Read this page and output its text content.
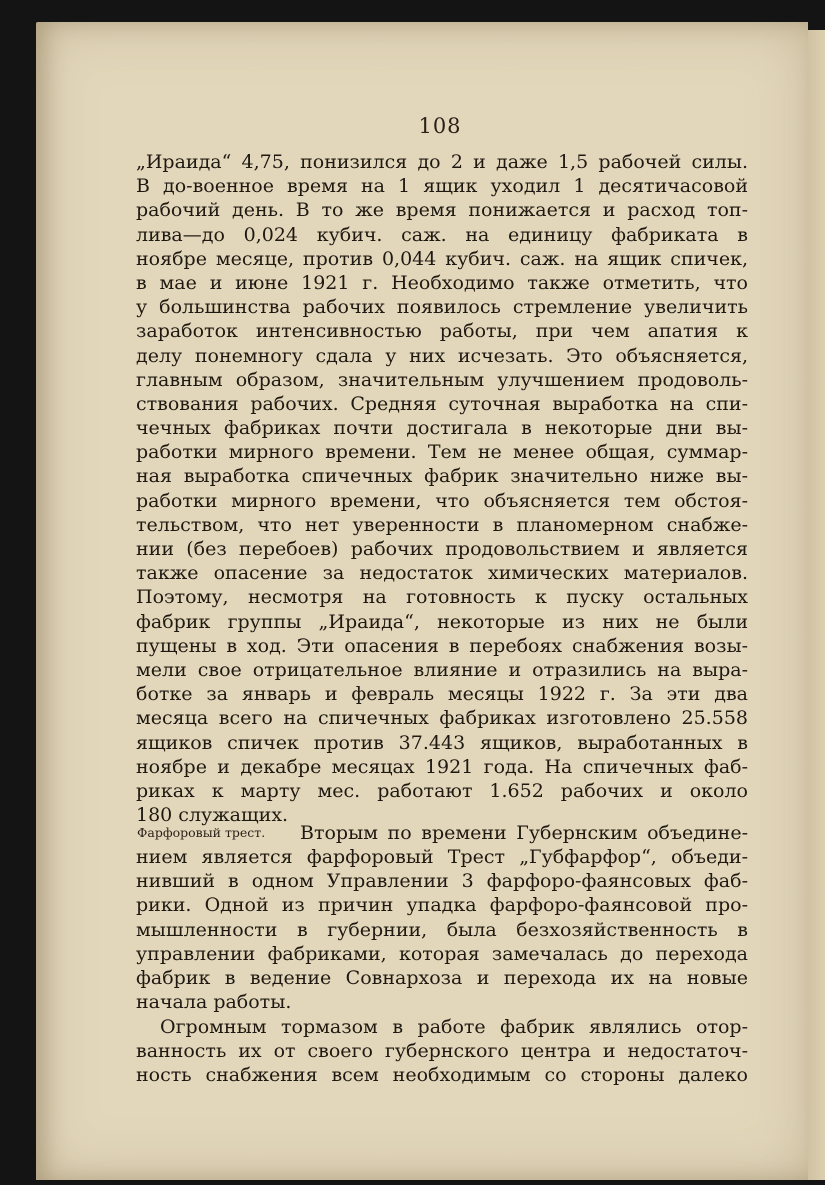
108
„Ираида“ 4,75, понизился до 2 и даже 1,5 рабочей силы.
В до-военное время на 1 ящик уходил 1 десятичасовой
рабочий день. В то же время понижается и расход топ-
лива—до 0,024 кубич. саж. на единицу фабриката в
ноябре месяце, против 0,044 кубич. саж. на ящик спичек,
в мае и июне 1921 г. Необходимо также отметить, что
у большинства рабочих появилось стремление увеличить
заработок интенсивностью работы, при чем апатия к
делу понемногу сдала у них исчезать. Это объясняется,
главным образом, значительным улучшением продоволь-
ствования рабочих. Средняя суточная выработка на спи-
чечных фабриках почти достигала в некоторые дни вы-
работки мирного времени. Тем не менее общая, суммар-
ная выработка спичечных фабрик значительно ниже вы-
работки мирного времени, что объясняется тем обстоя-
тельством, что нет уверенности в планомерном снабже-
нии (без перебоев) рабочих продовольствием и является
также опасение за недостаток химических материалов.
Поэтому, несмотря на готовность к пуску остальных
фабрик группы „Ираида“, некоторые из них не были
пущены в ход. Эти опасения в перебоях снабжения возы-
мели свое отрицательное влияние и отразились на выра-
ботке за январь и февраль месяцы 1922 г. За эти два
месяца всего на спичечных фабриках изготовлено 25.558
ящиков спичек против 37.443 ящиков, выработанных в
ноябре и декабре месяцах 1921 года. На спичечных фаб-
риках к марту мес. работают 1.652 рабочих и около
180 служащих.
Фарфоровый трест. Вторым по времени Губернским объедине-
нием является фарфоровый Трест „Губфарфор“, объеди-
нивший в одном Управлении 3 фарфоро-фаянсовых фаб-
рики. Одной из причин упадка фарфоро-фаянсовой про-
мышленности в губернии, была безхозяйственность в
управлении фабриками, которая замечалась до перехода
фабрик в ведение Совнархоза и перехода их на новые
начала работы.
Огромным тормазом в работе фабрик являлись отор-
ванность их от своего губернского центра и недостаточ-
ность снабжения всем необходимым со стороны далеко
